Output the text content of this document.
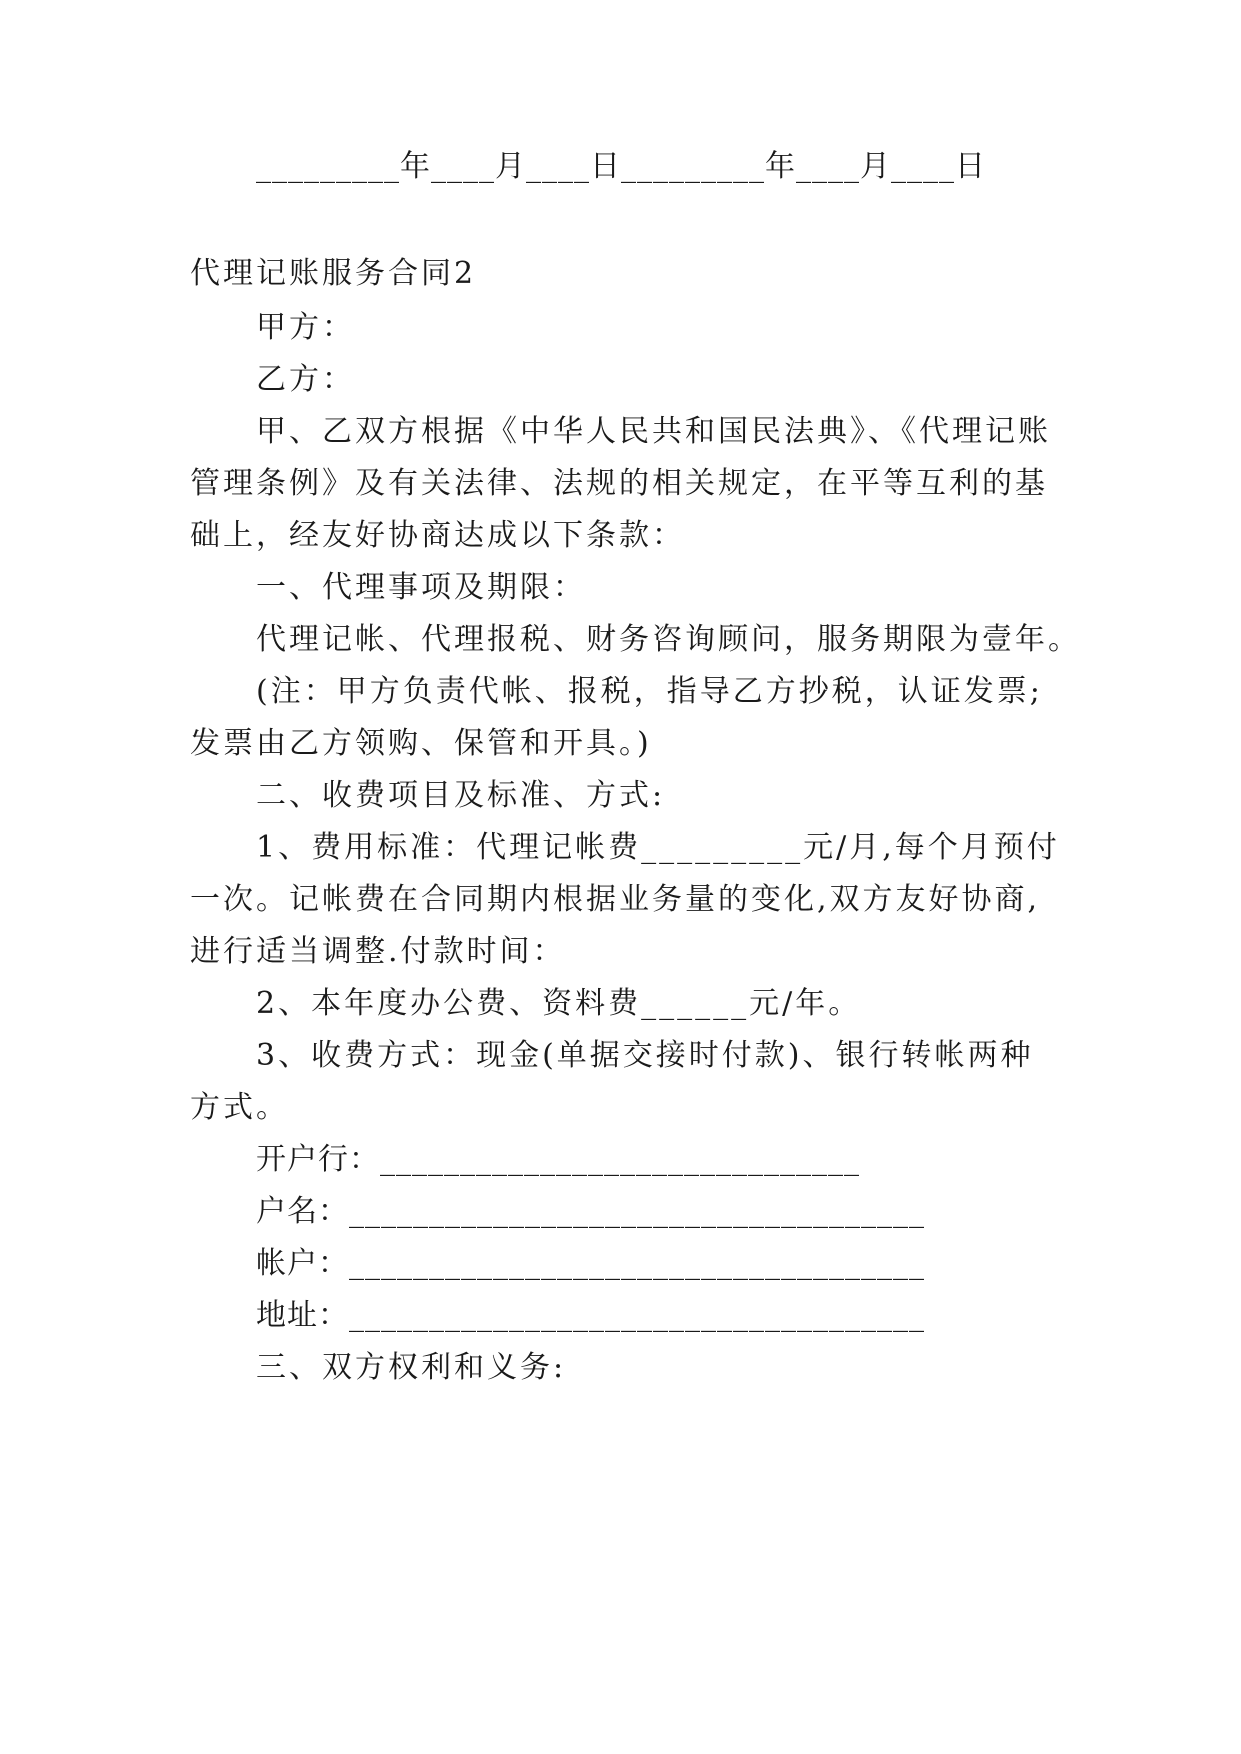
_________年____月____日_________年____月____日
代理记账服务合同2
甲方：
乙方：
甲、乙双方根据《中华人民共和国民法典》、《代理记账
管理条例》及有关法律、法规的相关规定，在平等互利的基
础上，经友好协商达成以下条款：
一、代理事项及期限：
代理记帐、代理报税、财务咨询顾问，服务期限为壹年。
(注：甲方负责代帐、报税，指导乙方抄税，认证发票;
发票由乙方领购、保管和开具。)
二、收费项目及标准、方式:
1、费用标准：代理记帐费_________元/月,每个月预付
一次。记帐费在合同期内根据业务量的变化,双方友好协商,
进行适当调整.付款时间：
2、本年度办公费、资料费______元/年。
3、收费方式：现金(单据交接时付款)、银行转帐两种
方式。
开户行：______________________________
户名：____________________________________
帐户：____________________________________
地址：____________________________________
三、双方权利和义务:
